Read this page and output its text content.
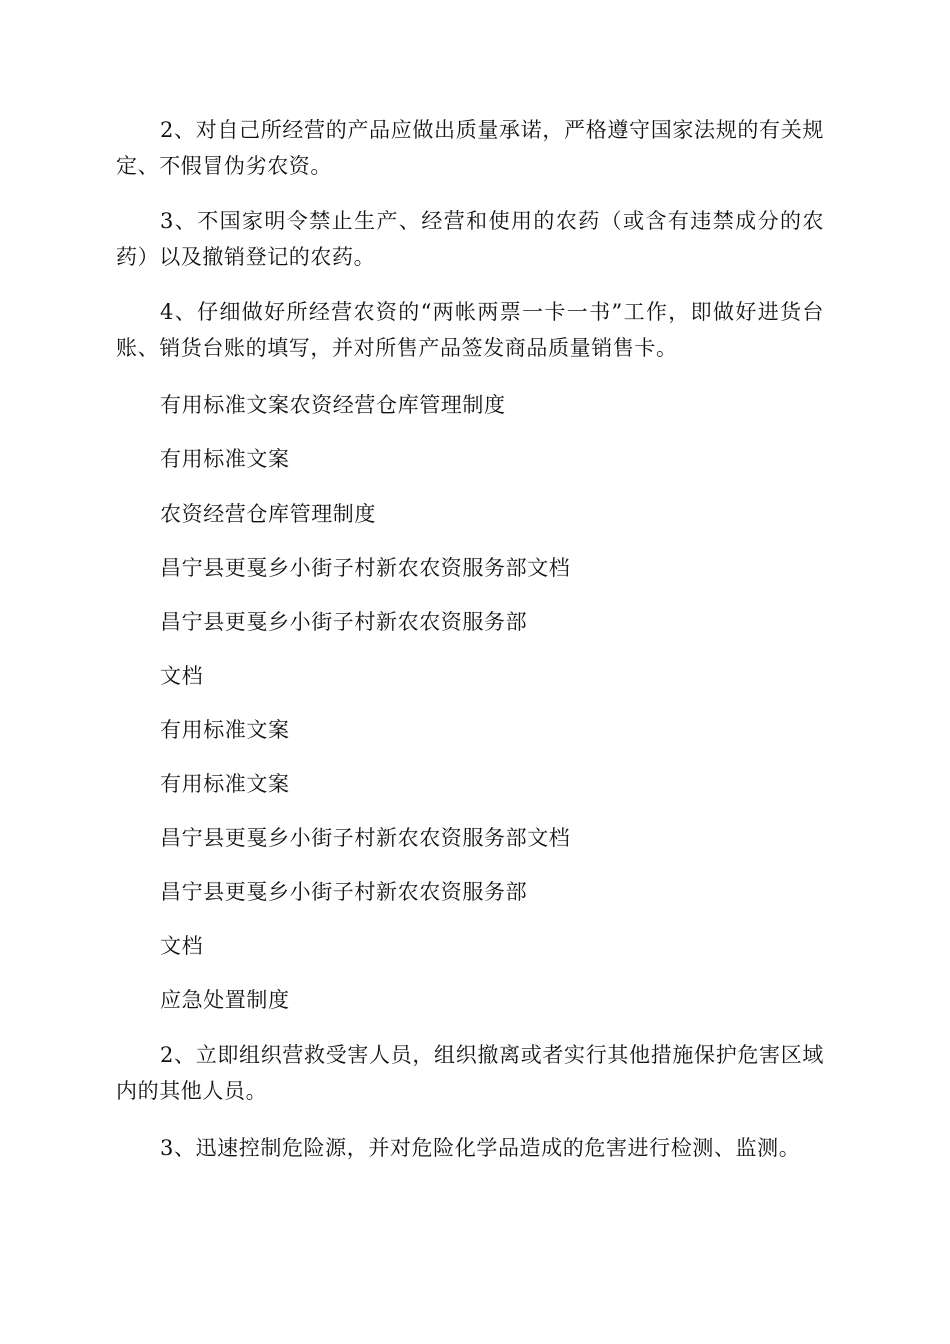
2、对自己所经营的产品应做出质量承诺，严格遵守国家法规的有关规定、不假冒伪劣农资。

3、不国家明令禁止生产、经营和使用的农药（或含有违禁成分的农药）以及撤销登记的农药。

4、仔细做好所经营农资的“两帐两票一卡一书”工作，即做好进货台账、销货台账的填写，并对所售产品签发商品质量销售卡。

有用标准文案农资经营仓库管理制度

有用标准文案

农资经营仓库管理制度

昌宁县更戛乡小街子村新农农资服务部文档

昌宁县更戛乡小街子村新农农资服务部

文档

有用标准文案

有用标准文案

昌宁县更戛乡小街子村新农农资服务部文档

昌宁县更戛乡小街子村新农农资服务部

文档

应急处置制度

2、立即组织营救受害人员，组织撤离或者实行其他措施保护危害区域内的其他人员。

3、迅速控制危险源，并对危险化学品造成的危害进行检测、监测。
